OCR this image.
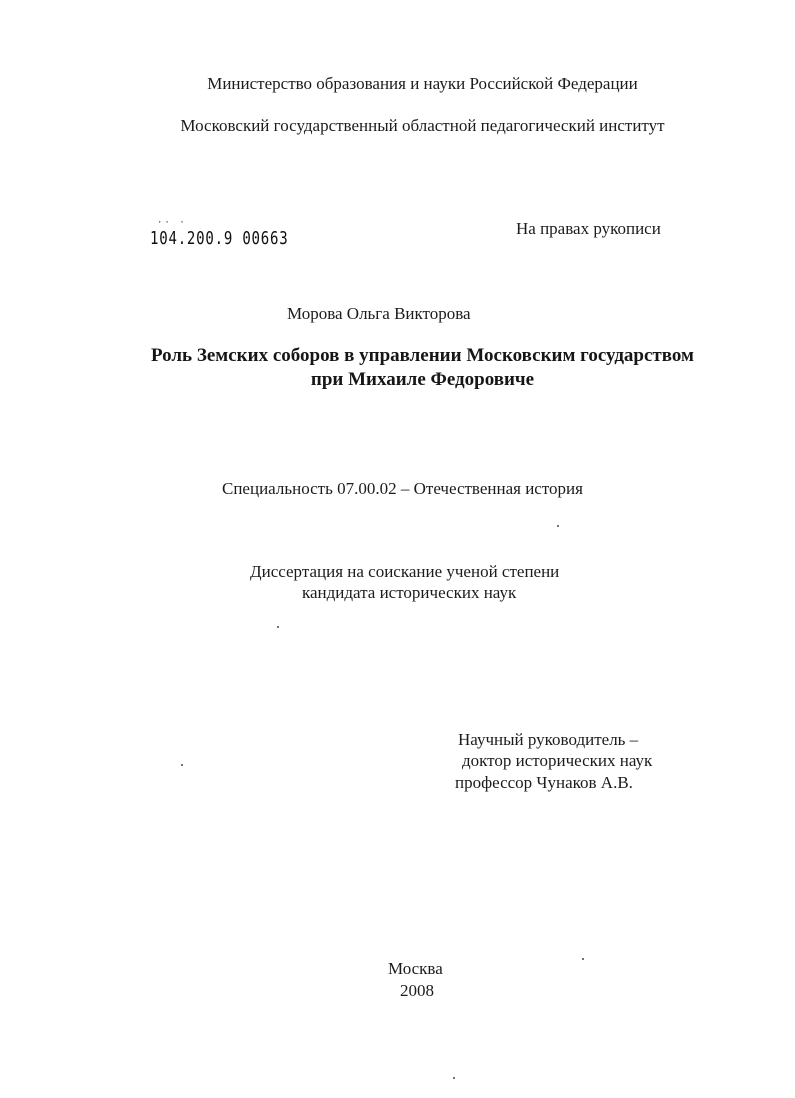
Министерство образования и науки Российской Федерации
Московский государственный областной педагогический институт
·· ·
104.200.9 00663	На правах рукописи
Морова Ольга Викторова
Роль Земских соборов в управлении Московским государством
при Михаиле Федоровиче
Специальность 07.00.02 – Отечественная история
Диссертация на соискание ученой степени
кандидата исторических наук
Научный руководитель –
доктор исторических наук
профессор Чунаков А.В.
Москва
2008
